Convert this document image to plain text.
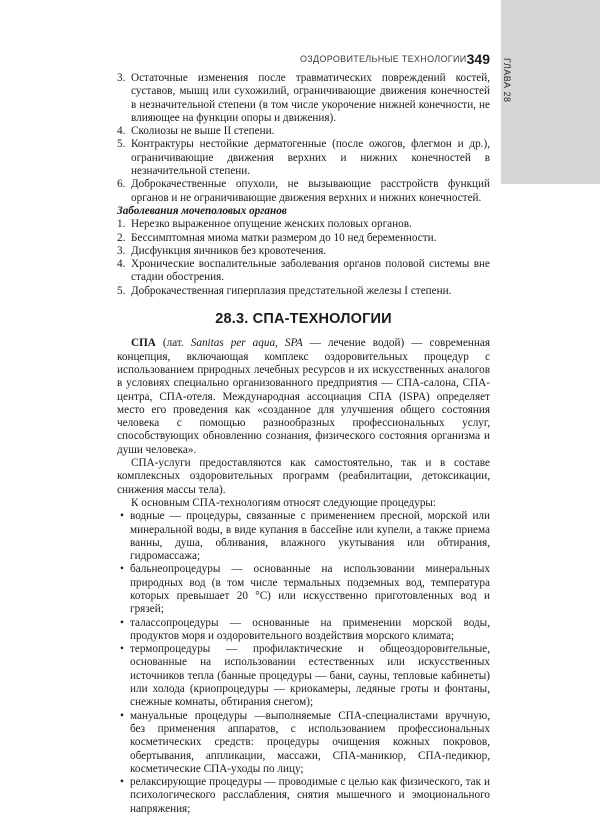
ГЛАВА 28
ОЗДОРОВИТЕЛЬНЫЕ ТЕХНОЛОГИИ 349
3. Остаточные изменения после травматических повреждений костей, суставов, мышц или сухожилий, ограничивающие движения конечностей в незначительной степени (в том числе укорочение нижней конечности, не влияющее на функции опоры и движения).
4. Сколиозы не выше II степени.
5. Контрактуры нестойкие дерматогенные (после ожогов, флегмон и др.), ограничивающие движения верхних и нижних конечностей в незначительной степени.
6. Доброкачественные опухоли, не вызывающие расстройств функций органов и не ограничивающие движения верхних и нижних конечностей.
Заболевания мочеполовых органов
1. Нерезко выраженное опущение женских половых органов.
2. Бессимптомная миома матки размером до 10 нед беременности.
3. Дисфункция яичников без кровотечения.
4. Хронические воспалительные заболевания органов половой системы вне стадии обострения.
5. Доброкачественная гиперплазия предстательной железы I степени.
28.3. СПА-ТЕХНОЛОГИИ
СПА (лат. Sanitas per aqua, SPA — лечение водой) — современная концепция, включающая комплекс оздоровительных процедур с использованием природных лечебных ресурсов и их искусственных аналогов в условиях специально организованного предприятия — СПА-салона, СПА-центра, СПА-отеля. Международная ассоциация СПА (ISPA) определяет место его проведения как «созданное для улучшения общего состояния человека с помощью разнообразных профессиональных услуг, способствующих обновлению сознания, физического состояния организма и души человека».
СПА-услуги предоставляются как самостоятельно, так и в составе комплексных оздоровительных программ (реабилитации, детоксикации, снижения массы тела).
К основным СПА-технологиям относят следующие процедуры:
• водные — процедуры, связанные с применением пресной, морской или минеральной воды, в виде купания в бассейне или купели, а также приема ванны, душа, обливания, влажного укутывания или обтирания, гидромассажа;
• бальнеопроцедуры — основанные на использовании минеральных природных вод (в том числе термальных подземных вод, температура которых превышает 20 °С) или искусственно приготовленных вод и грязей;
• талассопроцедуры — основанные на применении морской воды, продуктов моря и оздоровительного воздействия морского климата;
• термопроцедуры — профилактические и общеоздоровительные, основанные на использовании естественных или искусственных источников тепла (банные процедуры — бани, сауны, тепловые кабинеты) или холода (криопроцедуры — криокамеры, ледяные гроты и фонтаны, снежные комнаты, обтирания снегом);
• мануальные процедуры —выполняемые СПА-специалистами вручную, без применения аппаратов, с использованием профессиональных косметических средств: процедуры очищения кожных покровов, обертывания, аппликации, массажи, СПА-маникюр, СПА-педикюр, косметические СПА-уходы по лицу;
• релаксирующие процедуры — проводимые с целью как физического, так и психологического расслабления, снятия мышечного и эмоционального напряжения;
